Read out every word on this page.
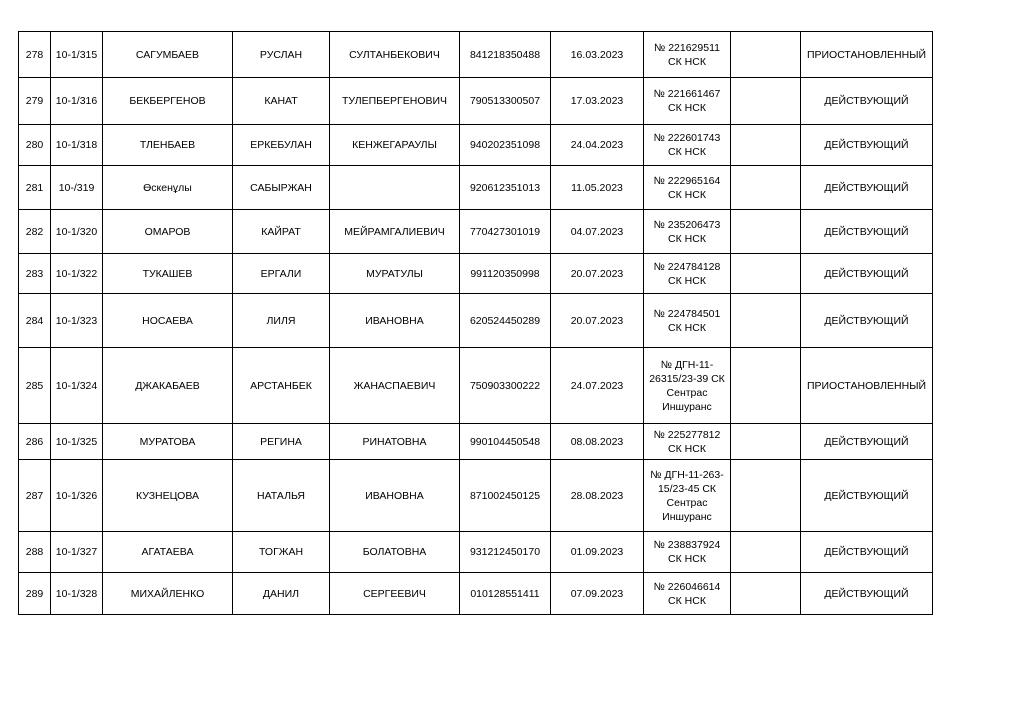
278	10-1/315	САГУМБАЕВ	РУСЛАН	СУЛТАНБЕКОВИЧ	841218350488	16.03.2023	№ 221629511 СК НСК		ПРИОСТАНОВЛЕННЫЙ
279	10-1/316	БЕКБЕРГЕНОВ	КАНАТ	ТУЛЕПБЕРГЕНОВИЧ	790513300507	17.03.2023	№ 221661467 СК НСК		ДЕЙСТВУЮЩИЙ
280	10-1/318	ТЛЕНБАЕВ	ЕРКЕБУЛАН	КЕНЖЕГАРАУЛЫ	940202351098	24.04.2023	№ 222601743 СК НСК		ДЕЙСТВУЮЩИЙ
281	10-/319	Өскенұлы	САБЫРЖАН		920612351013	11.05.2023	№ 222965164 СК НСК		ДЕЙСТВУЮЩИЙ
282	10-1/320	ОМАРОВ	КАЙРАТ	МЕЙРАМГАЛИЕВИЧ	770427301019	04.07.2023	№ 235206473 СК НСК		ДЕЙСТВУЮЩИЙ
283	10-1/322	ТУКАШЕВ	ЕРГАЛИ	МУРАТУЛЫ	991120350998	20.07.2023	№ 224784128 СК НСК		ДЕЙСТВУЮЩИЙ
284	10-1/323	НОСАЕВА	ЛИЛЯ	ИВАНОВНА	620524450289	20.07.2023	№ 224784501 СК НСК		ДЕЙСТВУЮЩИЙ
285	10-1/324	ДЖАКАБАЕВ	АРСТАНБЕК	ЖАНАСПАЕВИЧ	750903300222	24.07.2023	№ ДГН-11-26315/23-39 СК Сентрас Иншуранс		ПРИОСТАНОВЛЕННЫЙ
286	10-1/325	МУРАТОВА	РЕГИНА	РИНАТОВНА	990104450548	08.08.2023	№ 225277812 СК НСК		ДЕЙСТВУЮЩИЙ
287	10-1/326	КУЗНЕЦОВА	НАТАЛЬЯ	ИВАНОВНА	871002450125	28.08.2023	№ ДГН-11-263-15/23-45 СК Сентрас Иншуранс		ДЕЙСТВУЮЩИЙ
288	10-1/327	АГАТАЕВА	ТОГЖАН	БОЛАТОВНА	931212450170	01.09.2023	№ 238837924 СК НСК		ДЕЙСТВУЮЩИЙ
289	10-1/328	МИХАЙЛЕНКО	ДАНИЛ	СЕРГЕЕВИЧ	010128551411	07.09.2023	№ 226046614 СК НСК		ДЕЙСТВУЮЩИЙ
